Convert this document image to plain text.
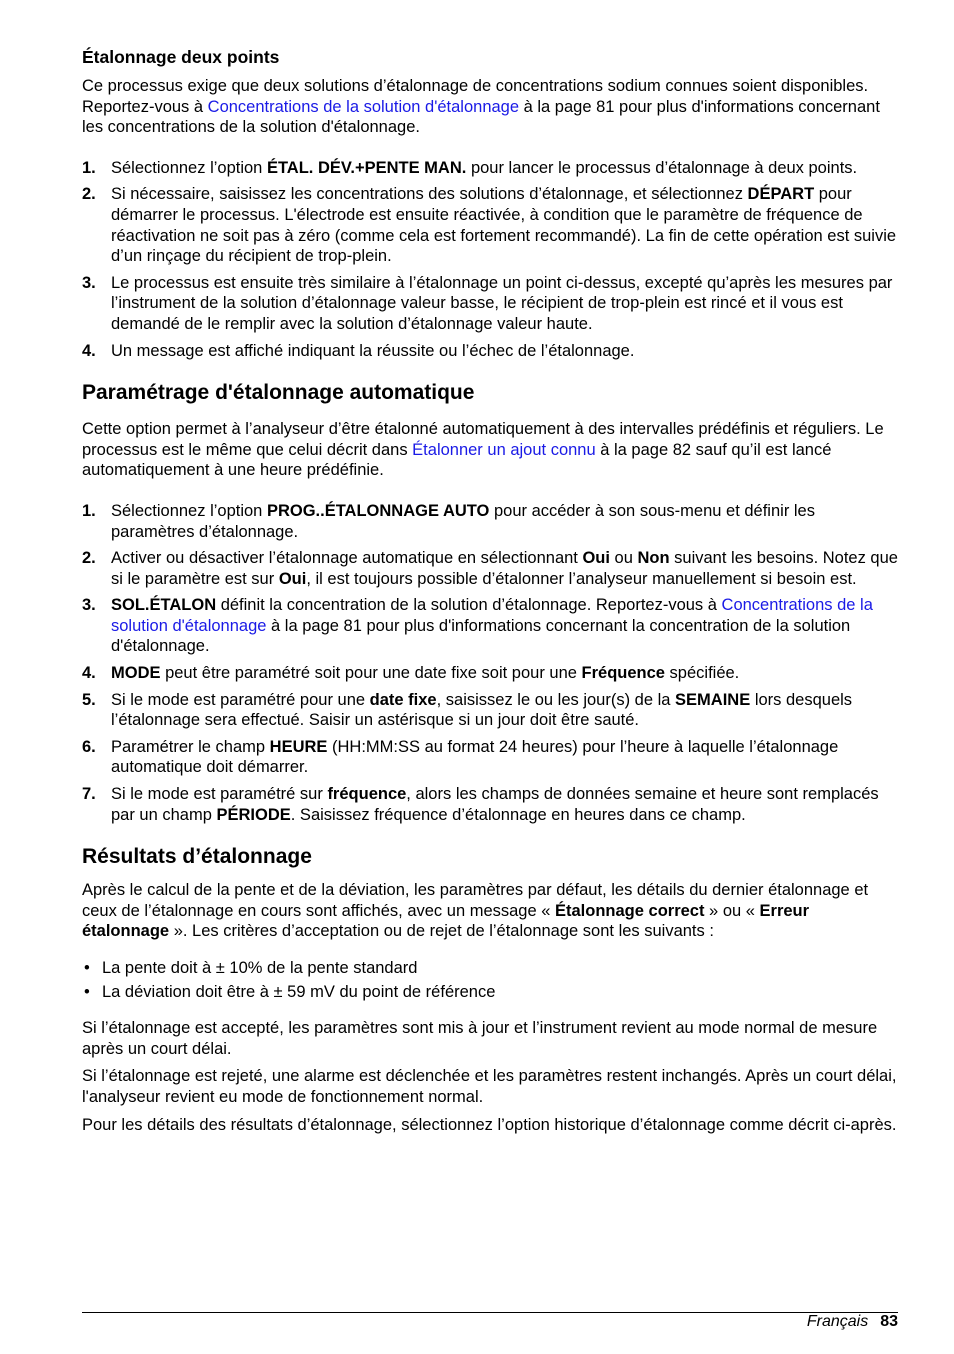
Étalonnage deux points

Ce processus exige que deux solutions d’étalonnage de concentrations sodium connues soient disponibles. Reportez-vous à Concentrations de la solution d'étalonnage à la page 81 pour plus d'informations concernant les concentrations de la solution d'étalonnage.

1. Sélectionnez l’option ÉTAL. DÉV.+PENTE MAN. pour lancer le processus d’étalonnage à deux points.
2. Si nécessaire, saisissez les concentrations des solutions d’étalonnage, et sélectionnez DÉPART pour démarrer le processus. L'électrode est ensuite réactivée, à condition que le paramètre de fréquence de réactivation ne soit pas à zéro (comme cela est fortement recommandé). La fin de cette opération est suivie d’un rinçage du récipient de trop-plein.
3. Le processus est ensuite très similaire à l’étalonnage un point ci-dessus, excepté qu’après les mesures par l’instrument de la solution d’étalonnage valeur basse, le récipient de trop-plein est rincé et il vous est demandé de le remplir avec la solution d’étalonnage valeur haute.
4. Un message est affiché indiquant la réussite ou l’échec de l’étalonnage.
Paramétrage d'étalonnage automatique

Cette option permet à l’analyseur d’être étalonné automatiquement à des intervalles prédéfinis et réguliers. Le processus est le même que celui décrit dans Étalonner un ajout connu à la page 82 sauf qu’il est lancé automatiquement à une heure prédéfinie.

1. Sélectionnez l’option PROG..ÉTALONNAGE AUTO pour accéder à son sous-menu et définir les paramètres d’étalonnage.
2. Activer ou désactiver l’étalonnage automatique en sélectionnant Oui ou Non suivant les besoins. Notez que si le paramètre est sur Oui, il est toujours possible d’étalonner l’analyseur manuellement si besoin est.
3. SOL.ÉTALON définit la concentration de la solution d’étalonnage. Reportez-vous à Concentrations de la solution d'étalonnage à la page 81 pour plus d'informations concernant la concentration de la solution d'étalonnage.
4. MODE peut être paramétré soit pour une date fixe soit pour une Fréquence spécifiée.
5. Si le mode est paramétré pour une date fixe, saisissez le ou les jour(s) de la SEMAINE lors desquels l’étalonnage sera effectué. Saisir un astérisque si un jour doit être sauté.
6. Paramétrer le champ HEURE (HH:MM:SS au format 24 heures) pour l’heure à laquelle l’étalonnage automatique doit démarrer.
7. Si le mode est paramétré sur fréquence, alors les champs de données semaine et heure sont remplacés par un champ PÉRIODE. Saisissez fréquence d’étalonnage en heures dans ce champ.
Résultats d’étalonnage

Après le calcul de la pente et de la déviation, les paramètres par défaut, les détails du dernier étalonnage et ceux de l’étalonnage en cours sont affichés, avec un message « Étalonnage correct » ou « Erreur étalonnage ». Les critères d’acceptation ou de rejet de l’étalonnage sont les suivants :

• La pente doit à ± 10% de la pente standard
• La déviation doit être à ± 59 mV du point de référence

Si l’étalonnage est accepté, les paramètres sont mis à jour et l’instrument revient au mode normal de mesure après un court délai.

Si l’étalonnage est rejeté, une alarme est déclenchée et les paramètres restent inchangés. Après un court délai, l'analyseur revient eu mode de fonctionnement normal.

Pour les détails des résultats d’étalonnage, sélectionnez l’option historique d’étalonnage comme décrit ci-après.

Français 83
